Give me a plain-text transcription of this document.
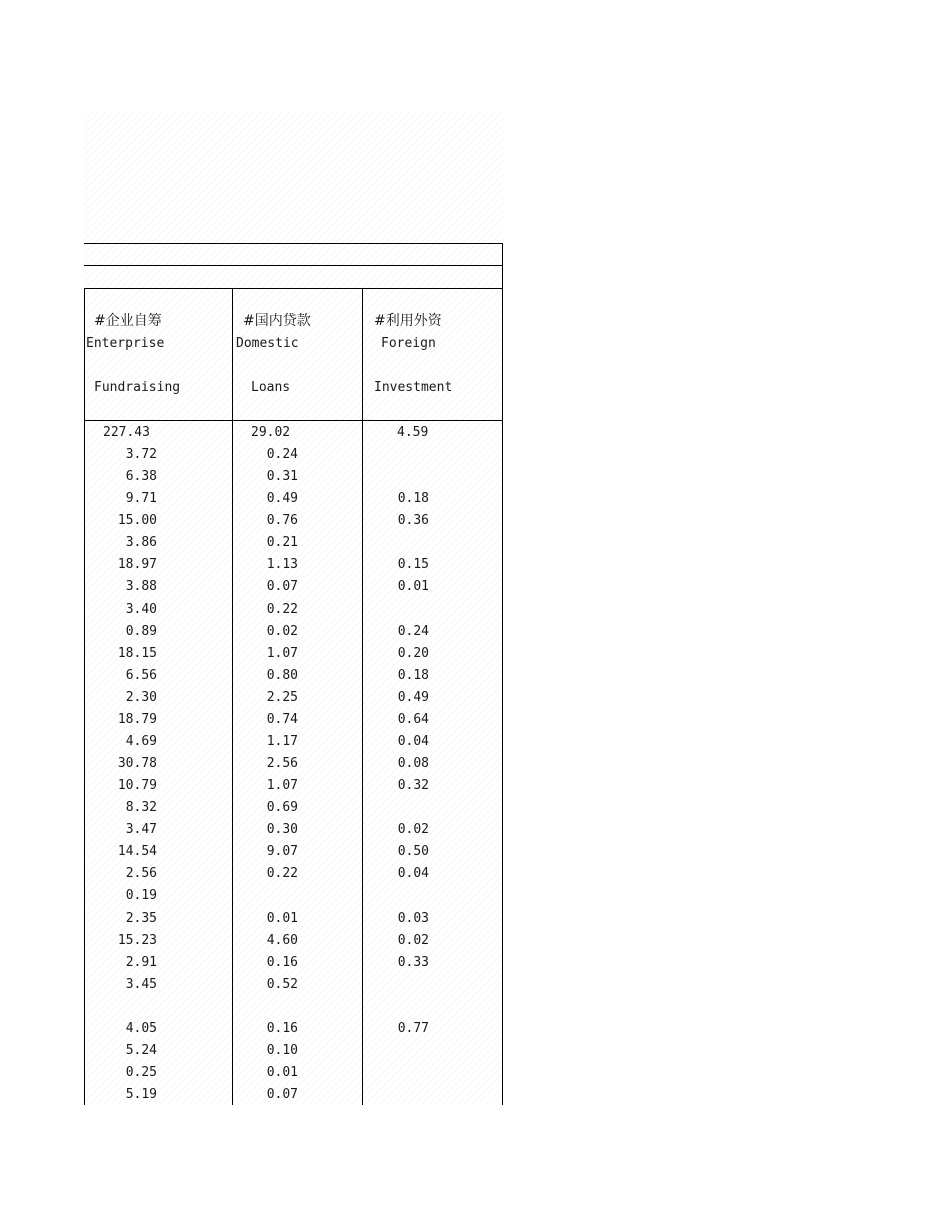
#企业自筹
Enterprise
Fundraising
#国内贷款
Domestic
Loans
#利用外资
Foreign
Investment
227.43	29.02	4.59
3.72	0.24
6.38	0.31
9.71	0.49	0.18
15.00	0.76	0.36
3.86	0.21
18.97	1.13	0.15
3.88	0.07	0.01
3.40	0.22
0.89	0.02	0.24
18.15	1.07	0.20
6.56	0.80	0.18
2.30	2.25	0.49
18.79	0.74	0.64
4.69	1.17	0.04
30.78	2.56	0.08
10.79	1.07	0.32
8.32	0.69
3.47	0.30	0.02
14.54	9.07	0.50
2.56	0.22	0.04
0.19
2.35	0.01	0.03
15.23	4.60	0.02
2.91	0.16	0.33
3.45	0.52
4.05	0.16	0.77
5.24	0.10
0.25	0.01
5.19	0.07
